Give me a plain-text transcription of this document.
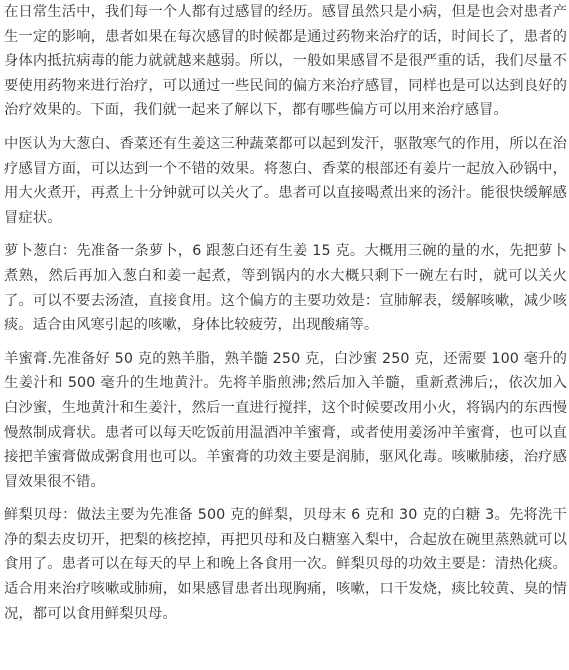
在日常生活中，我们每一个人都有过感冒的经历。感冒虽然只是小病，但是也会对患者产生一定的影响，患者如果在每次感冒的时候都是通过药物来治疗的话，时间长了，患者的身体内抵抗病毒的能力就就越来越弱。所以，一般如果感冒不是很严重的话，我们尽量不要使用药物来进行治疗，可以通过一些民间的偏方来治疗感冒，同样也是可以达到良好的治疗效果的。下面，我们就一起来了解以下，都有哪些偏方可以用来治疗感冒。

中医认为大葱白、香菜还有生姜这三种蔬菜都可以起到发汗，驱散寒气的作用，所以在治疗感冒方面，可以达到一个不错的效果。将葱白、香菜的根部还有姜片一起放入砂锅中，用大火煮开，再煮上十分钟就可以关火了。患者可以直接喝煮出来的汤汁。能很快缓解感冒症状。

萝卜葱白：先准备一条萝卜，6 跟葱白还有生姜 15 克。大概用三碗的量的水，先把萝卜煮熟，然后再加入葱白和姜一起煮，等到锅内的水大概只剩下一碗左右时，就可以关火了。可以不要去汤渣，直接食用。这个偏方的主要功效是：宣肺解表，缓解咳嗽，减少咳痰。适合由风寒引起的咳嗽，身体比较疲劳，出现酸痛等。

羊蜜膏.先准备好 50 克的熟羊脂，熟羊髓 250 克，白沙蜜 250 克，还需要 100 毫升的生姜汁和 500 毫升的生地黄汁。先将羊脂煎沸;然后加入羊髓，重新煮沸后;，依次加入白沙蜜，生地黄汁和生姜汁，然后一直进行搅拌，这个时候要改用小火，将锅内的东西慢慢熬制成膏状。患者可以每天吃饭前用温酒冲羊蜜膏，或者使用姜汤冲羊蜜膏，也可以直接把羊蜜膏做成粥食用也可以。羊蜜膏的功效主要是润肺，驱风化毒。咳嗽肺痿，治疗感冒效果很不错。

鲜梨贝母：做法主要为先准备 500 克的鲜梨，贝母末 6 克和 30 克的白糖 3。先将洗干净的梨去皮切开，把梨的核挖掉，再把贝母和及白糖塞入梨中，合起放在碗里蒸熟就可以食用了。患者可以在每天的早上和晚上各食用一次。鲜梨贝母的功效主要是：清热化痰。适合用来治疗咳嗽或肺痈，如果感冒患者出现胸痛，咳嗽，口干发烧，痰比较黄、臭的情况，都可以食用鲜梨贝母。
